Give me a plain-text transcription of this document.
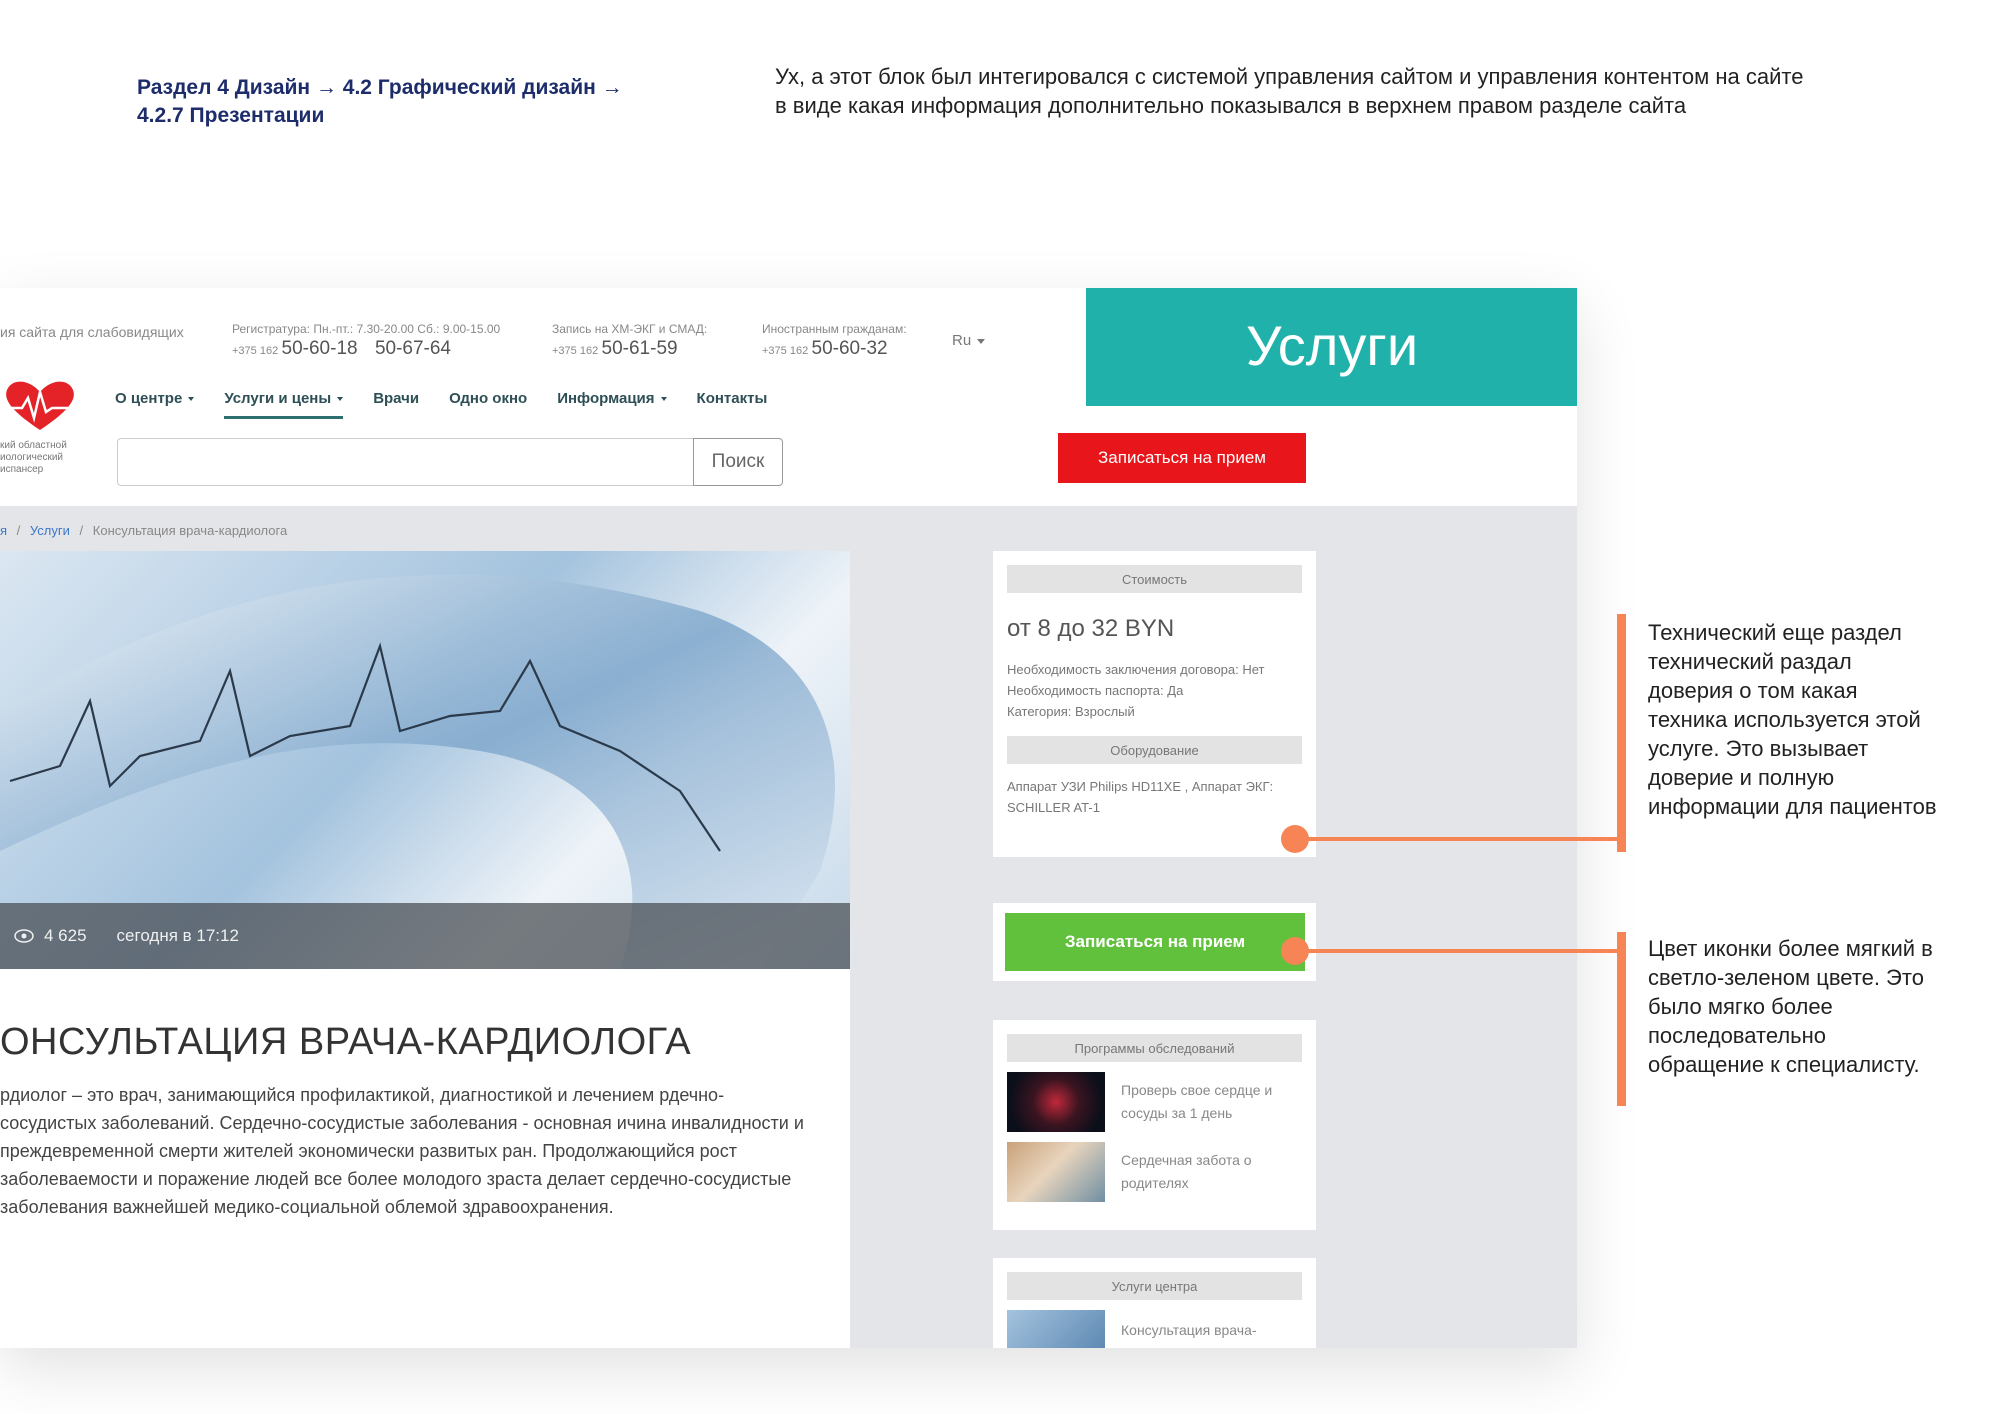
Раздел 4 Дизайн → 4.2 Графический дизайн → 4.2.7 Презентации
Ух, а этот блок был интегировался с системой управления сайтом и управления контентом на сайте в виде какая информация дополнительно показывался в верхнем правом разделе сайта
ия сайта для слабовидящих	Регистратура: Пн.-пт.: 7.30-20.00 Сб.: 9.00-15.00
+375 162 50-60-18 50-67-64
Запись на ХМ-ЭКГ и СМАД:
+375 162 50-61-59
Иностранным гражданам:
+375 162 50-60-32	Ru
кий областной иологический испансер
О центре	Услуги и цены	Врачи Одно окно Информация	Контакты
Поиск	Записаться на прием
Услуги
я / Услуги / Консультация врача-кардиолога
4 625 сегодня в 17:12
ОНСУЛЬТАЦИЯ ВРАЧА-КАРДИОЛОГА
рдиолог – это врач, занимающийся профилактикой, диагностикой и лечением рдечно-сосудистых заболеваний. Сердечно-сосудистые заболевания - основная ичина инвалидности и преждевременной смерти жителей экономически развитых ран. Продолжающийся рост заболеваемости и поражение людей все более молодого зраста делает сердечно-сосудистые заболевания важнейшей медико-социальной облемой здравоохранения.
Стоимость
от 8 до 32 BYN
Необходимость заключения договора: Нет
Необходимость паспорта: Да
Категория: Взрослый
Оборудование
Аппарат УЗИ Philips HD11XE , Аппарат ЭКГ: SCHILLER AT-1
Записаться на прием
Программы обследований
Проверь свое сердце и сосуды за 1 день
Сердечная забота о родителях
Услуги центра
Консультация врача-
Технический еще раздел технический раздал доверия о том какая техника используется этой услуге. Это вызывает доверие и полную информации для пациентов
Цвет иконки более мягкий в светло-зеленом цвете. Это было мягко более последовательно обращение к специалисту.
